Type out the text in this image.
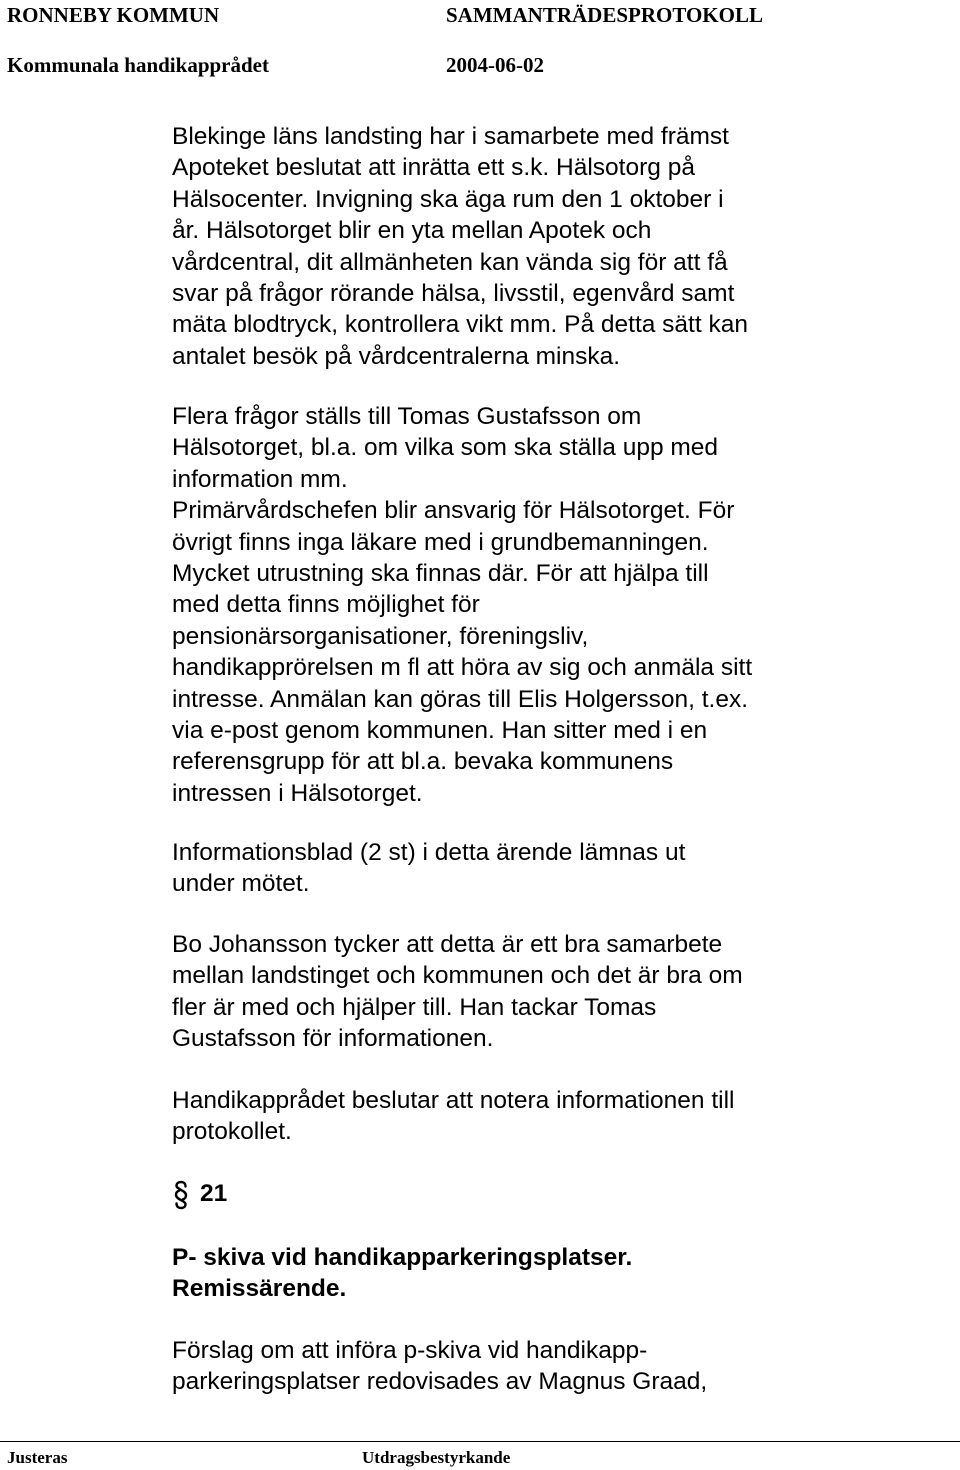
RONNEBY KOMMUN	SAMMANTRÄDESPROTOKOLL
Kommunala handikapprådet	2004-06-02
Blekinge läns landsting har i samarbete med främst
Apoteket beslutat att inrätta ett s.k. Hälsotorg på
Hälsocenter. Invigning ska äga rum den 1 oktober i
år. Hälsotorget blir en yta mellan Apotek och
vårdcentral, dit allmänheten kan vända sig för att få
svar på frågor rörande hälsa, livsstil, egenvård samt
mäta blodtryck, kontrollera vikt mm. På detta sätt kan
antalet besök på vårdcentralerna minska.
Flera frågor ställs till Tomas Gustafsson om
Hälsotorget, bl.a. om vilka som ska ställa upp med
information mm.
Primärvårdschefen blir ansvarig för Hälsotorget. För
övrigt finns inga läkare med i grundbemanningen.
Mycket utrustning ska finnas där. För att hjälpa till
med detta finns möjlighet för
pensionärsorganisationer, föreningsliv,
handikapprörelsen m fl att höra av sig och anmäla sitt
intresse. Anmälan kan göras till Elis Holgersson, t.ex.
via e-post genom kommunen. Han sitter med i en
referensgrupp för att bl.a. bevaka kommunens
intressen i Hälsotorget.
Informationsblad (2 st) i detta ärende lämnas ut
under mötet.
Bo Johansson tycker att detta är ett bra samarbete
mellan landstinget och kommunen och det är bra om
fler är med och hjälper till. Han tackar Tomas
Gustafsson för informationen.
Handikapprådet beslutar att notera informationen till
protokollet.
21
P- skiva vid handikapparkeringsplatser.
Remissärende.
Förslag om att införa p-skiva vid handikapp-
parkeringsplatser redovisades av Magnus Graad,
Justeras	Utdragsbestyrkande
